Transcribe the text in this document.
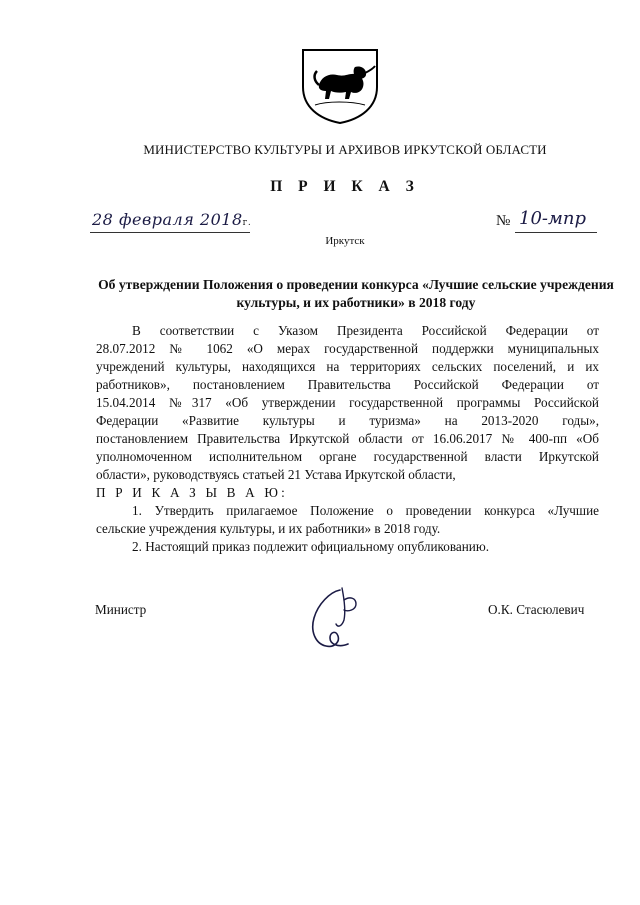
МИНИСТЕРСТВО КУЛЬТУРЫ И АРХИВОВ ИРКУТСКОЙ ОБЛАСТИ
П Р И К А З
28 февраля 2018г.	№ 10-мпр
Иркутск
Об утверждении Положения о проведении конкурса «Лучшие сельские учреждения культуры, и их работники» в 2018 году

В соответствии с Указом Президента Российской Федерации от

28.07.2012 № 1062 «О мерах государственной поддержки муниципальных

учреждений культуры, находящихся на территориях сельских поселений, и их

работников», постановлением Правительства Российской Федерации от

15.04.2014 №317 «Об утверждении государственной программы Российской

Федерации «Развитие культуры и туризма» на 2013-2020 годы»,

постановлением Правительства Иркутской области от 16.06.2017 № 400-пп «Об

уполномоченном исполнительном органе государственной власти Иркутской

области», руководствуясь статьей 21 Устава Иркутской области,

П Р И К А З Ы В А Ю:

1. Утвердить прилагаемое Положение о проведении конкурса «Лучшие
сельские учреждения культуры, и их работники» в 2018 году.

2. Настоящий приказ подлежит официальному опубликованию.

Министр	О.К. Стасюлевич
